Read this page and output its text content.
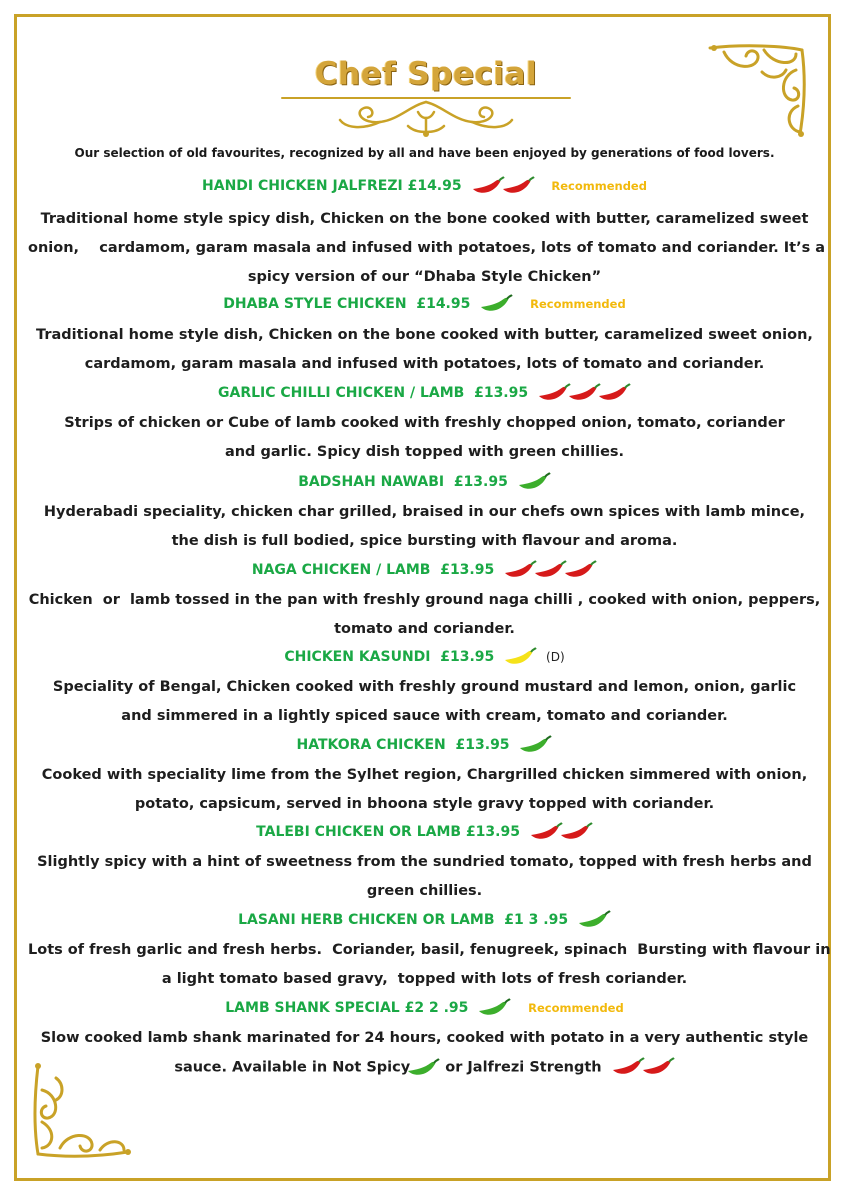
Chef Special
Our selection of old favourites, recognized by all and have been enjoyed by generations of food lovers.
HANDI CHICKEN JALFREZI £14.95	Recommended
Traditional home style spicy dish, Chicken on the bone cooked with butter, caramelized sweet
onion,    cardamom, garam masala and infused with potatoes, lots of tomato and coriander. It’s a
spicy version of our “Dhaba Style Chicken”
DHABA STYLE CHICKEN  £14.95	Recommended
Traditional home style dish, Chicken on the bone cooked with butter, caramelized sweet onion,
cardamom, garam masala and infused with potatoes, lots of tomato and coriander.
GARLIC CHILLI CHICKEN / LAMB  £13.95
Strips of chicken or Cube of lamb cooked with freshly chopped onion, tomato, coriander
and garlic. Spicy dish topped with green chillies.
BADSHAH NAWABI  £13.95
Hyderabadi speciality, chicken char grilled, braised in our chefs own spices with lamb mince,
the dish is full bodied, spice bursting with flavour and aroma.
NAGA CHICKEN / LAMB  £13.95
Chicken  or  lamb tossed in the pan with freshly ground naga chilli , cooked with onion, peppers,
tomato and coriander.
CHICKEN KASUNDI  £13.95	(D)
Speciality of Bengal, Chicken cooked with freshly ground mustard and lemon, onion, garlic
and simmered in a lightly spiced sauce with cream, tomato and coriander.
HATKORA CHICKEN  £13.95
Cooked with speciality lime from the Sylhet region, Chargrilled chicken simmered with onion,
potato, capsicum, served in bhoona style gravy topped with coriander.
TALEBI CHICKEN OR LAMB £13.95
Slightly spicy with a hint of sweetness from the sundried tomato, topped with fresh herbs and
green chillies.
LASANI HERB CHICKEN OR LAMB  £1 3 .95
Lots of fresh garlic and fresh herbs.  Coriander, basil, fenugreek, spinach  Bursting with flavour in
a light tomato based gravy,  topped with lots of fresh coriander.
LAMB SHANK SPECIAL £2 2 .95	Recommended
Slow cooked lamb shank marinated for 24 hours, cooked with potato in a very authentic style
sauce. Available in Not Spicy or Jalfrezi Strength
